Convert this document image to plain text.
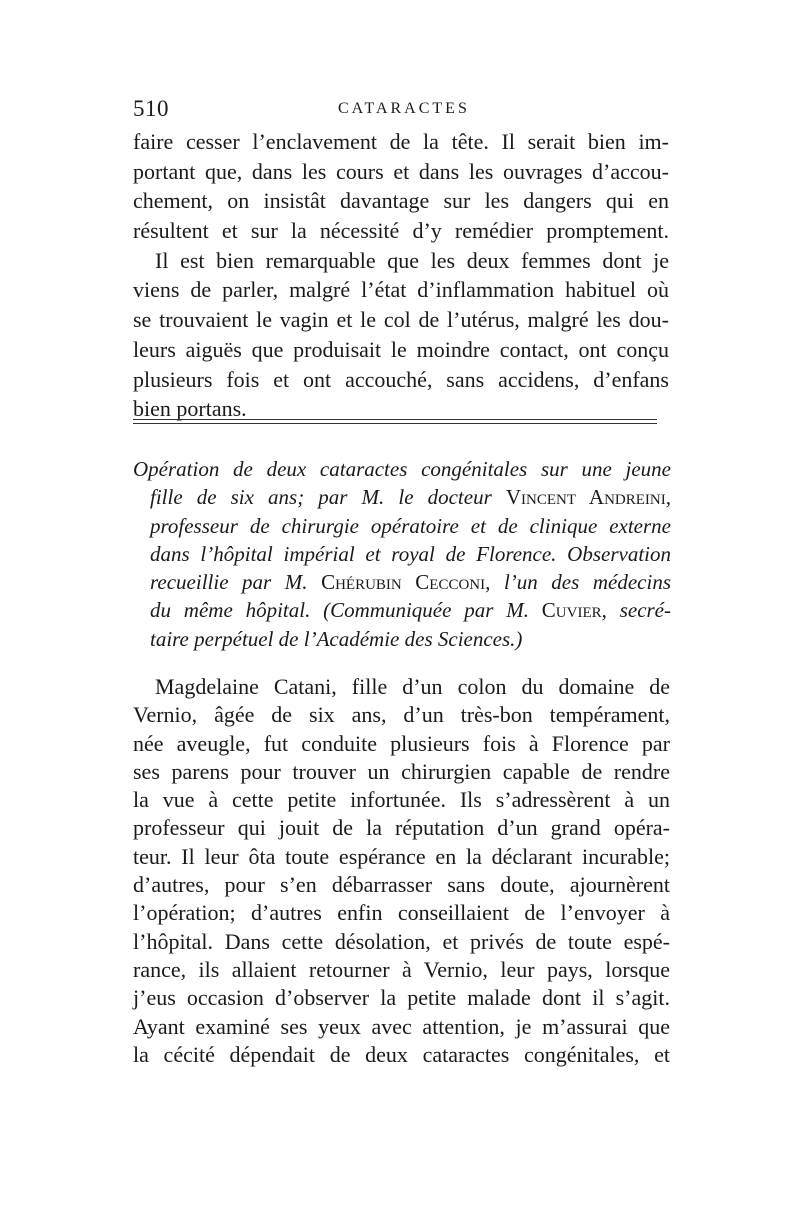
510	CATARACTES
faire cesser l’enclavement de la tête. Il serait bien im-
portant que, dans les cours et dans les ouvrages d’accou-
chement, on insistât davantage sur les dangers qui en
résultent et sur la nécessité d’y remédier promptement.
Il est bien remarquable que les deux femmes dont je
viens de parler, malgré l’état d’inflammation habituel où
se trouvaient le vagin et le col de l’utérus, malgré les dou-
leurs aiguës que produisait le moindre contact, ont conçu
plusieurs fois et ont accouché, sans accidens, d’enfans
bien portans.
Opération de deux cataractes congénitales sur une jeune
fille de six ans; par M. le docteur Vincent Andreini,
professeur de chirurgie opératoire et de clinique externe
dans l’hôpital impérial et royal de Florence. Observation
recueillie par M. Chérubin Cecconi, l’un des médecins
du même hôpital. (Communiquée par M. Cuvier, secré-
taire perpétuel de l’Académie des Sciences.)
Magdelaine Catani, fille d’un colon du domaine de
Vernio, âgée de six ans, d’un très-bon tempérament,
née aveugle, fut conduite plusieurs fois à Florence par
ses parens pour trouver un chirurgien capable de rendre
la vue à cette petite infortunée. Ils s’adressèrent à un
professeur qui jouit de la réputation d’un grand opéra-
teur. Il leur ôta toute espérance en la déclarant incurable;
d’autres, pour s’en débarrasser sans doute, ajournèrent
l’opération; d’autres enfin conseillaient de l’envoyer à
l’hôpital. Dans cette désolation, et privés de toute espé-
rance, ils allaient retourner à Vernio, leur pays, lorsque
j’eus occasion d’observer la petite malade dont il s’agit.
Ayant examiné ses yeux avec attention, je m’assurai que
la cécité dépendait de deux cataractes congénitales, et
